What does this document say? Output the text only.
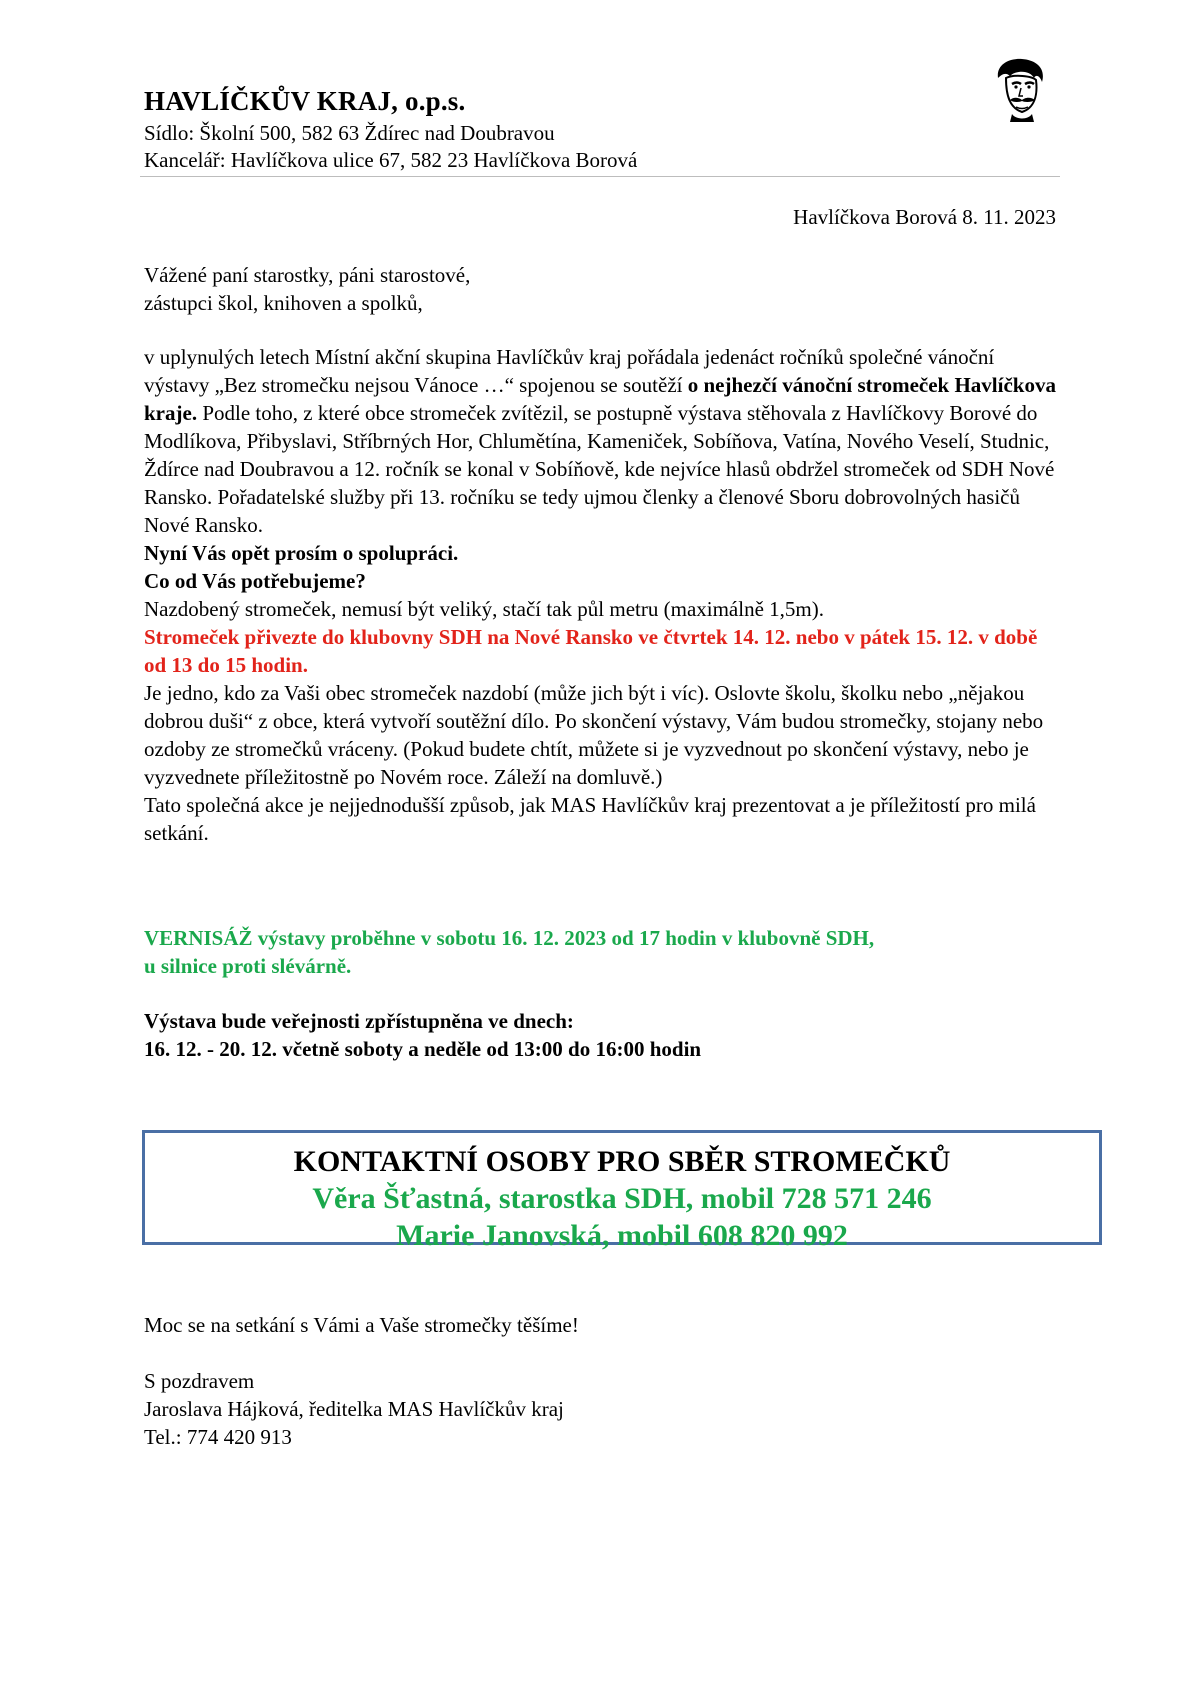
HAVLÍČKŮV KRAJ, o.p.s.
Sídlo: Školní 500, 582 63 Ždírec nad Doubravou
Kancelář: Havlíčkova ulice 67, 582 23 Havlíčkova Borová
Havlíčkova Borová 8. 11. 2023
Vážené paní starostky, páni starostové,
zástupci škol, knihoven a spolků,

v uplynulých letech Místní akční skupina Havlíčkův kraj pořádala jedenáct ročníků společné vánoční výstavy „Bez stromečku nejsou Vánoce …“ spojenou se soutěží o nejhezčí vánoční stromeček Havlíčkova kraje. Podle toho, z které obce stromeček zvítězil, se postupně výstava stěhovala z Havlíčkovy Borové do Modlíkova, Přibyslavi, Stříbrných Hor, Chlumětína, Kameniček, Sobíňova, Vatína, Nového Veselí, Studnic, Ždírce nad Doubravou a 12. ročník se konal v Sobíňově, kde nejvíce hlasů obdržel stromeček od SDH Nové Ransko. Pořadatelské služby při 13. ročníku se tedy ujmou členky a členové Sboru dobrovolných hasičů Nové Ransko.

Nyní Vás opět prosím o spolupráci.

Co od Vás potřebujeme?

Nazdobený stromeček, nemusí být veliký, stačí tak půl metru (maximálně 1,5m).

Stromeček přivezte do klubovny SDH na Nové Ransko ve čtvrtek 14. 12. nebo v pátek 15. 12. v době od 13 do 15 hodin.

Je jedno, kdo za Vaši obec stromeček nazdobí (může jich být i víc). Oslovte školu, školku nebo „nějakou dobrou duši“ z obce, která vytvoří soutěžní dílo. Po skončení výstavy, Vám budou stromečky, stojany nebo ozdoby ze stromečků vráceny. (Pokud budete chtít, můžete si je vyzvednout po skončení výstavy, nebo je vyzvednete příležitostně po Novém roce. Záleží na domluvě.)

Tato společná akce je nejjednodušší způsob, jak MAS Havlíčkův kraj prezentovat a je příležitostí pro milá setkání.

VERNISÁŽ výstavy proběhne v sobotu 16. 12. 2023 od 17 hodin v klubovně SDH,
u silnice proti slévárně.
Výstava bude veřejnosti zpřístupněna ve dnech:
16. 12. - 20. 12. včetně soboty a neděle od 13:00 do 16:00 hodin
KONTAKTNÍ OSOBY PRO SBĚR STROMEČKŮ
Věra Šťastná, starostka SDH, mobil 728 571 246
Marie Janovská, mobil 608 820 992
Moc se na setkání s Vámi a Vaše stromečky těšíme!
S pozdravem
Jaroslava Hájková, ředitelka MAS Havlíčkův kraj
Tel.: 774 420 913
